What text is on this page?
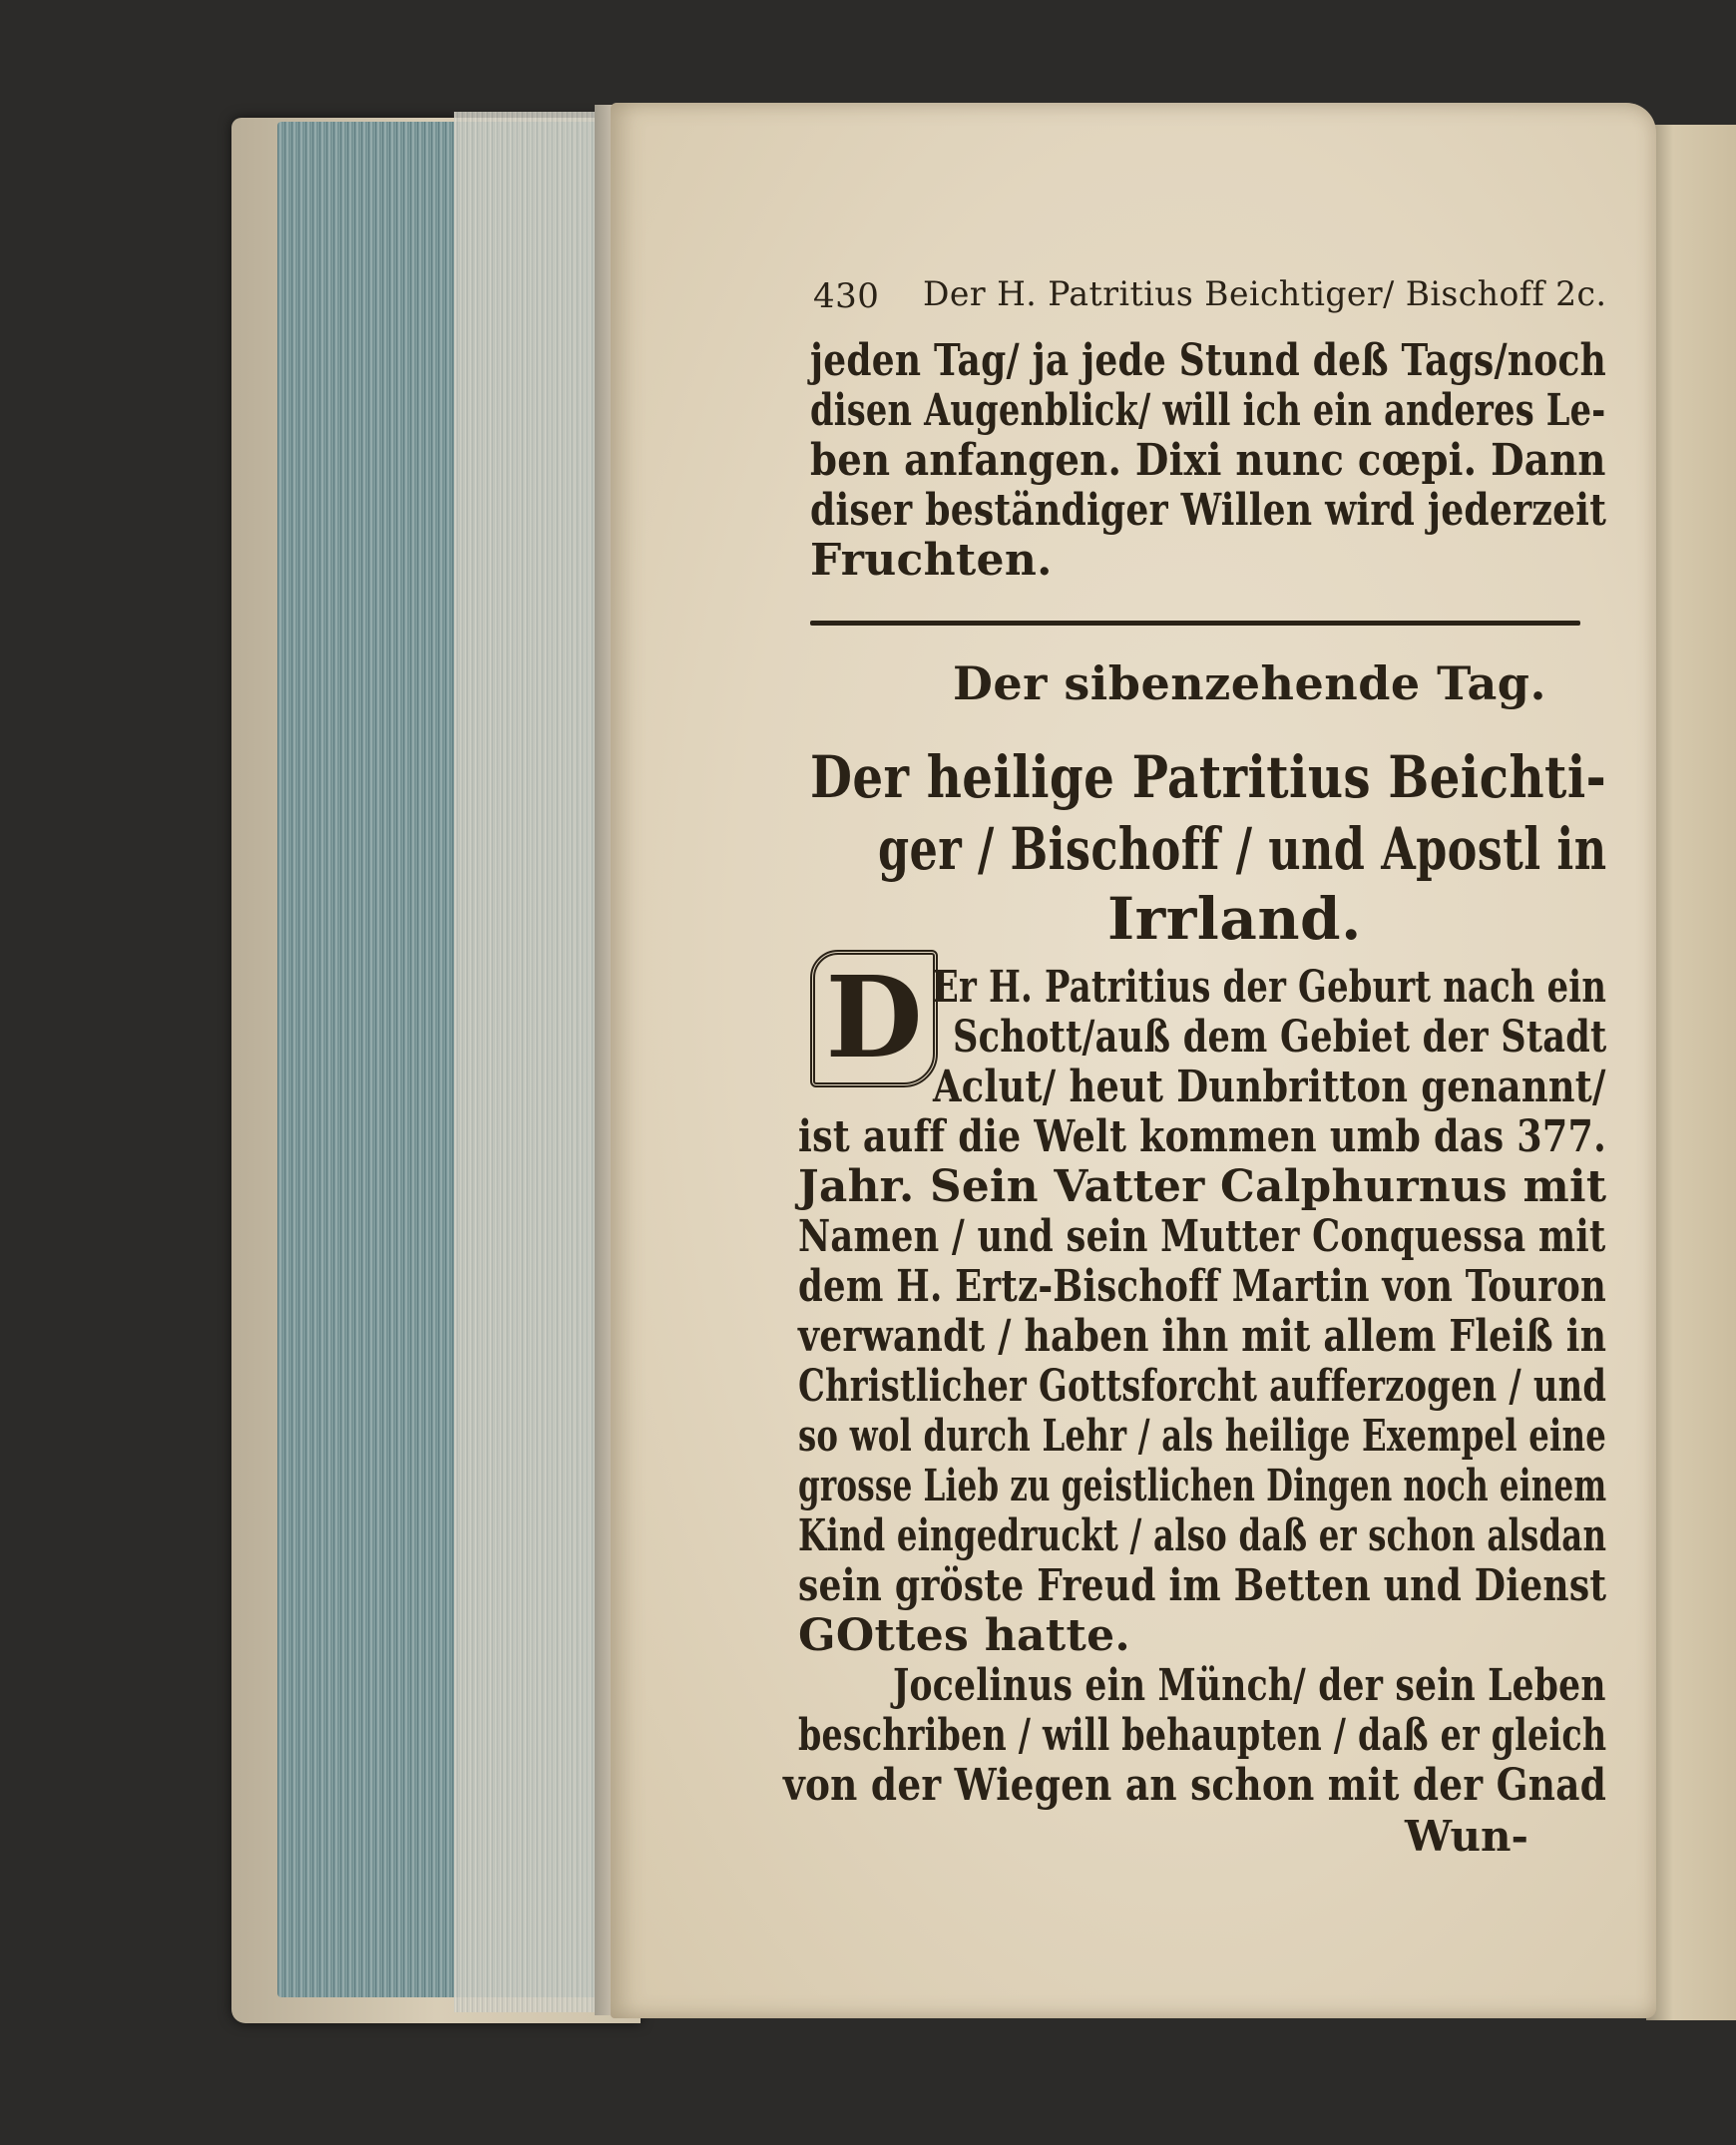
430 Der H. Patritius Beichtiger/ Bischoff 2c.
jeden Tag/ ja jede Stund deß Tags/noch
disen Augenblick/ will ich ein anderes Le-
ben anfangen. Dixi nunc cœpi. Dann
diser beständiger Willen wird jederzeit
Fruchten.
Der sibenzehende Tag.
Der heilige Patritius Beichti-
ger / Bischoff / und Apostl in
Irrland.
D Er H. Patritius der Geburt nach ein
Schott/auß dem Gebiet der Stadt
Aclut/ heut Dunbritton genannt/
ist auff die Welt kommen umb das 377.
Jahr. Sein Vatter Calphurnus mit
Namen / und sein Mutter Conquessa mit
dem H. Ertz-Bischoff Martin von Touron
verwandt / haben ihn mit allem Fleiß in
Christlicher Gottsforcht aufferzogen / und
so wol durch Lehr / als heilige Exempel eine
grosse Lieb zu geistlichen Dingen noch einem
Kind eingedruckt / also daß er schon alsdan
sein gröste Freud im Betten und Dienst
GOttes hatte.
Jocelinus ein Münch/ der sein Leben
beschriben / will behaupten / daß er gleich
von der Wiegen an schon mit der Gnad
Wun-
